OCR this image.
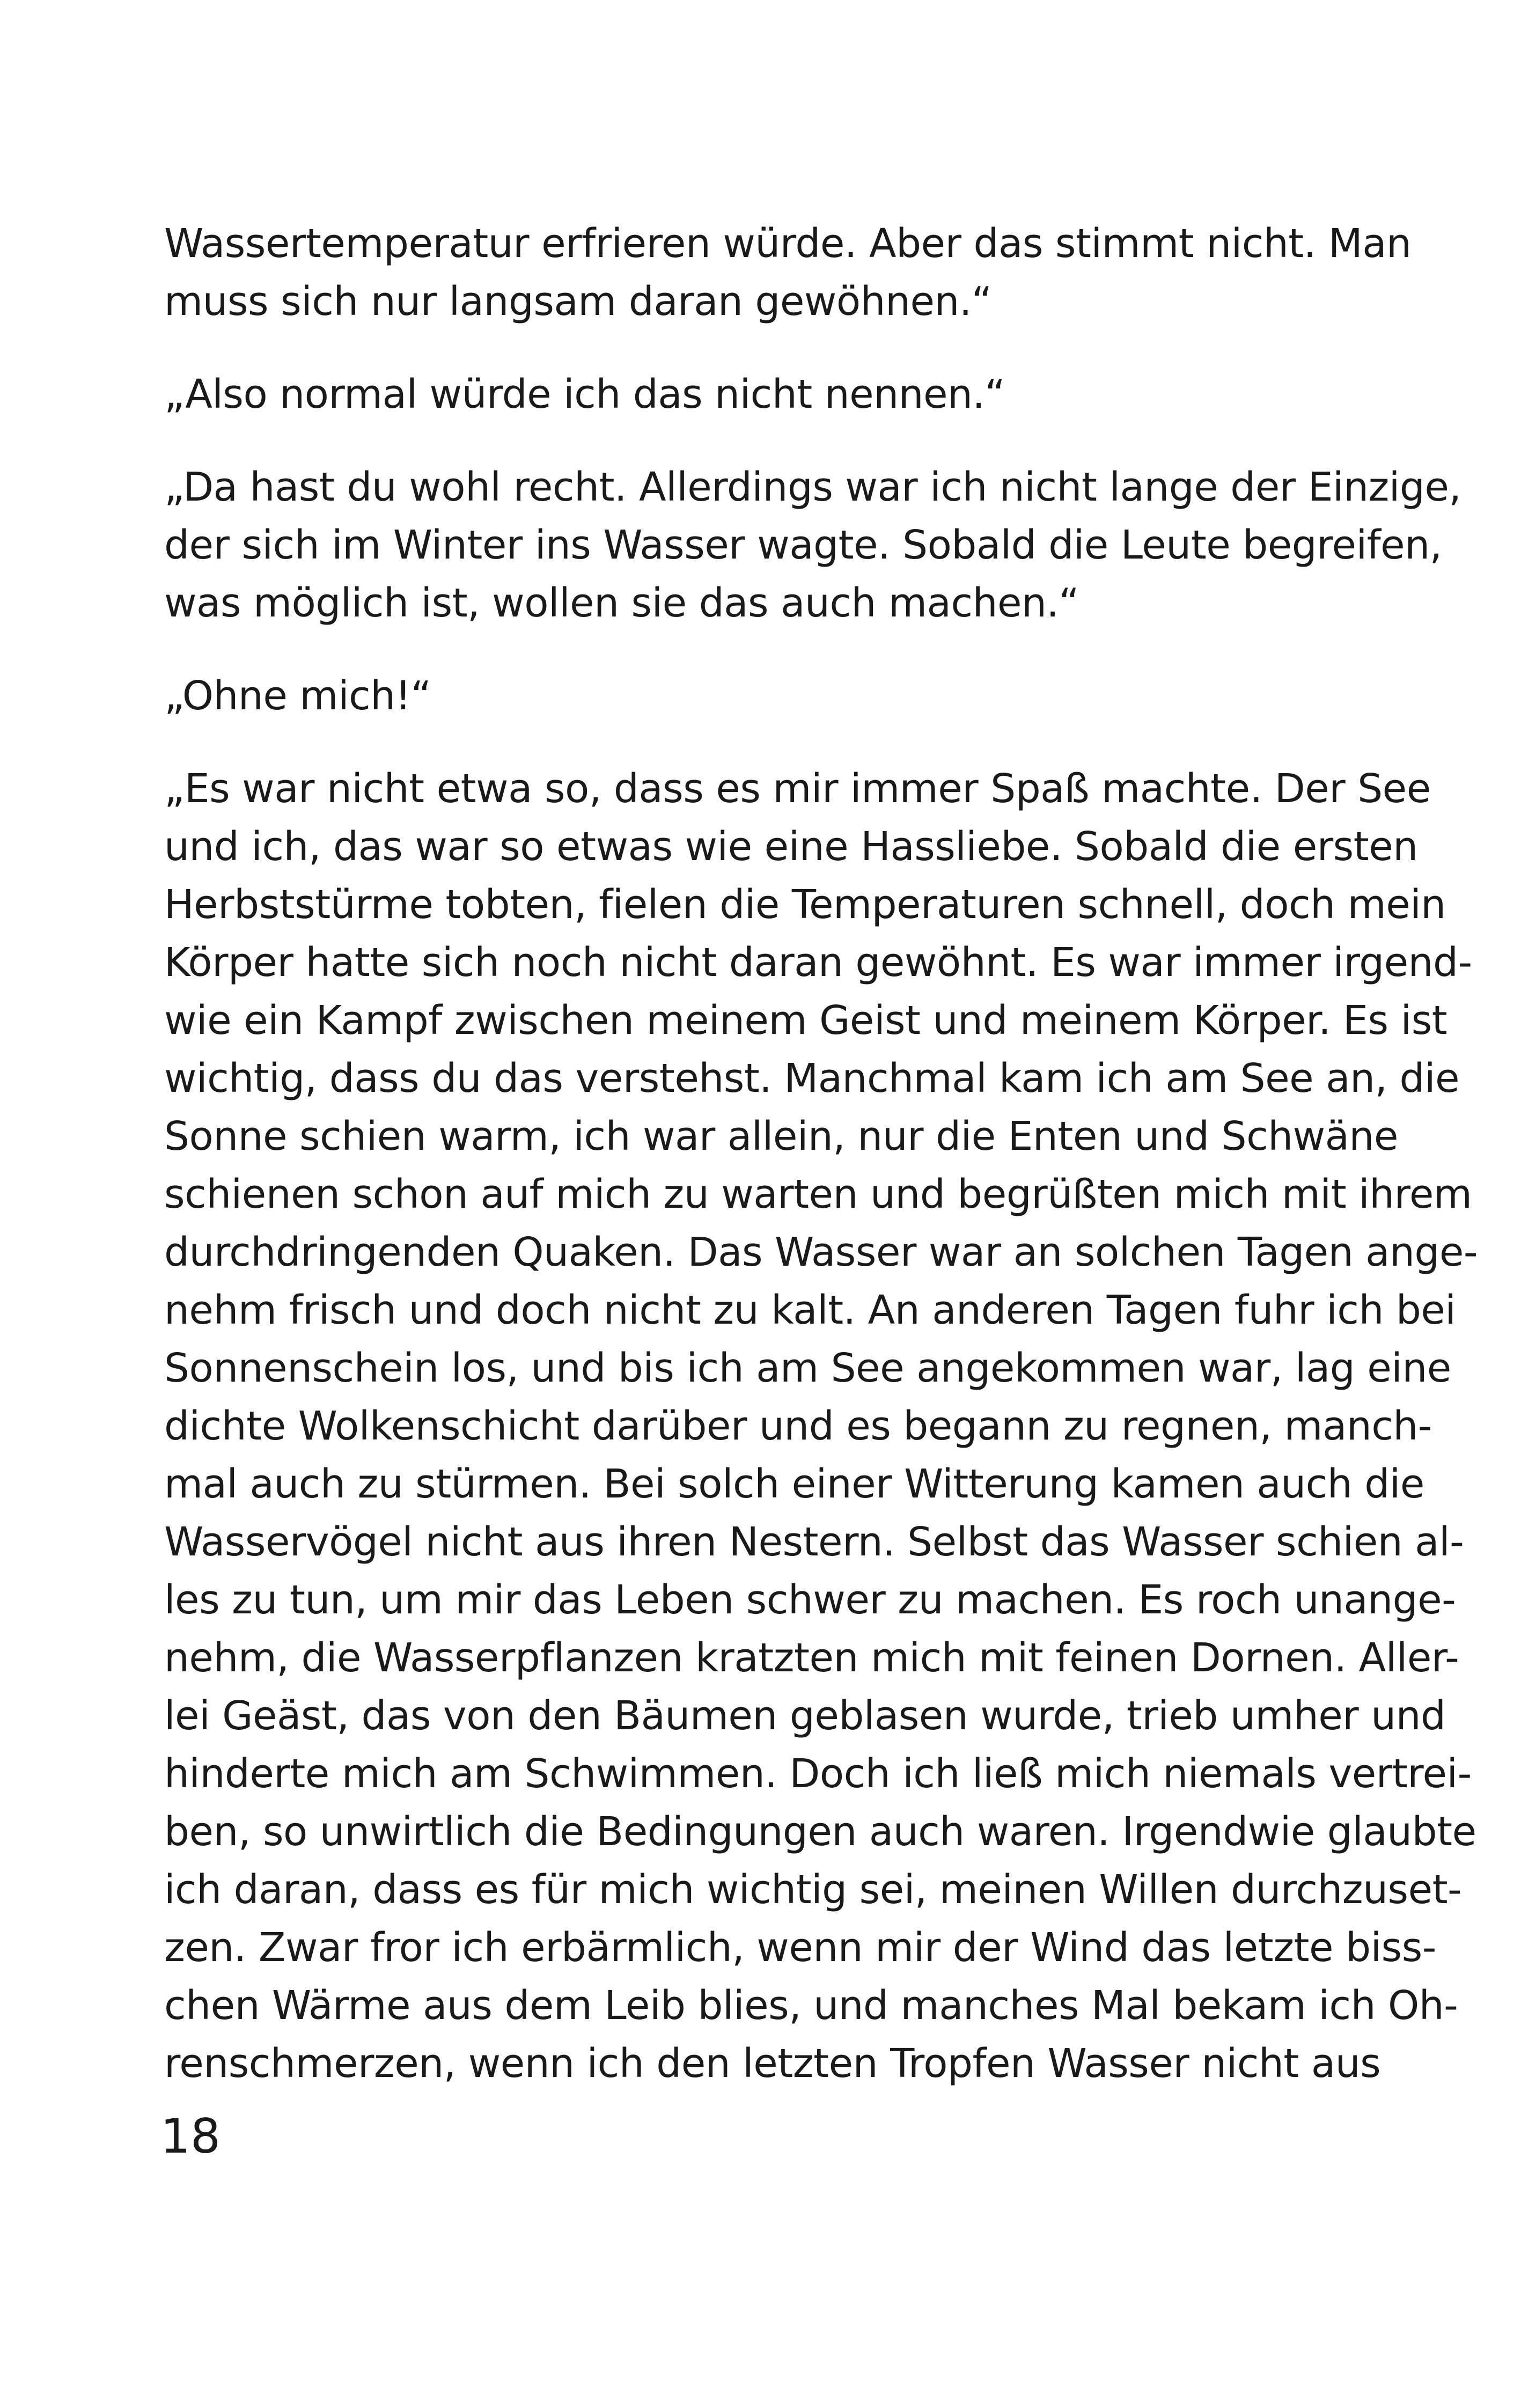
Wassertemperatur erfrieren würde. Aber das stimmt nicht. Man
muss sich nur langsam daran gewöhnen.“
„Also normal würde ich das nicht nennen.“
„Da hast du wohl recht. Allerdings war ich nicht lange der Einzige,
der sich im Winter ins Wasser wagte. Sobald die Leute begreifen,
was möglich ist, wollen sie das auch machen.“
„Ohne mich!“
„Es war nicht etwa so, dass es mir immer Spaß machte. Der See
und ich, das war so etwas wie eine Hassliebe. Sobald die ersten
Herbststürme tobten, fielen die Temperaturen schnell, doch mein
Körper hatte sich noch nicht daran gewöhnt. Es war immer irgend-
wie ein Kampf zwischen meinem Geist und meinem Körper. Es ist
wichtig, dass du das verstehst. Manchmal kam ich am See an, die
Sonne schien warm, ich war allein, nur die Enten und Schwäne
schienen schon auf mich zu warten und begrüßten mich mit ihrem
durchdringenden Quaken. Das Wasser war an solchen Tagen ange-
nehm frisch und doch nicht zu kalt. An anderen Tagen fuhr ich bei
Sonnenschein los, und bis ich am See angekommen war, lag eine
dichte Wolkenschicht darüber und es begann zu regnen, manch-
mal auch zu stürmen. Bei solch einer Witterung kamen auch die
Wasservögel nicht aus ihren Nestern. Selbst das Wasser schien al-
les zu tun, um mir das Leben schwer zu machen. Es roch unange-
nehm, die Wasserpflanzen kratzten mich mit feinen Dornen. Aller-
lei Geäst, das von den Bäumen geblasen wurde, trieb umher und
hinderte mich am Schwimmen. Doch ich ließ mich niemals vertrei-
ben, so unwirtlich die Bedingungen auch waren. Irgendwie glaubte
ich daran, dass es für mich wichtig sei, meinen Willen durchzuset-
zen. Zwar fror ich erbärmlich, wenn mir der Wind das letzte biss-
chen Wärme aus dem Leib blies, und manches Mal bekam ich Oh-
renschmerzen, wenn ich den letzten Tropfen Wasser nicht aus
18
